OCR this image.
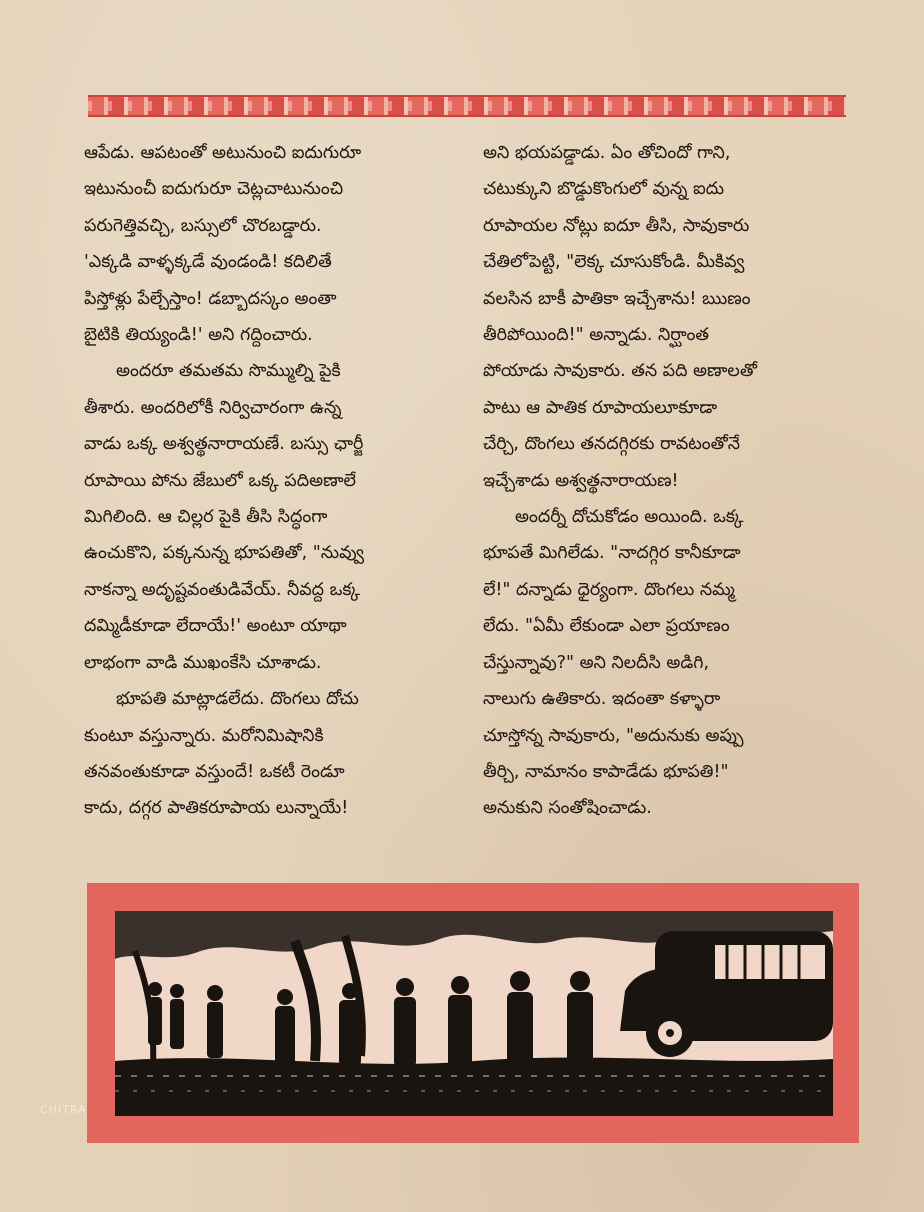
ఆపేడు. ఆపటంతో అటునుంచి ఐదుగురూ
ఇటునుంచీ ఐదుగురూ చెట్లచాటునుంచి
పరుగెత్తివచ్చి, బస్సులో చొరబడ్డారు.
'ఎక్కడి వాళ్ళక్కడే వుండండి! కదిలితే
పిస్తోళ్లు పేల్చేస్తాం! డబ్బాదస్కం అంతా
బైటికి తియ్యండి!' అని గద్దించారు.
అందరూ తమతమ సొమ్ముల్ని పైకి
తీశారు. అందరిలోకీ నిర్విచారంగా ఉన్న
వాడు ఒక్క అశ్వత్థనారాయణే. బస్సు ఛార్జీ
రూపాయి పోను జేబులో ఒక్క పదిఅణాలే
మిగిలింది. ఆ చిల్లర పైకి తీసి సిద్ధంగా
ఉంచుకొని, పక్కనున్న భూపతితో, "నువ్వు
నాకన్నా అదృష్టవంతుడివేయ్. నీవద్ద ఒక్క
దమ్మిడీకూడా లేదాయే!' అంటూ యాథా
లాభంగా వాడి ముఖంకేసి చూశాడు.
భూపతి మాట్లాడలేదు. దొంగలు దోచు
కుంటూ వస్తున్నారు. మరోనిమిషానికి
తనవంతుకూడా వస్తుందే! ఒకటీ రెండూ
కాదు, దగ్గర పాతికరూపాయ లున్నాయే!
అని భయపడ్డాడు. ఏం తోచిందో గాని,
చటుక్కుని బొడ్డుకొంగులో వున్న ఐదు
రూపాయల నోట్లు ఐదూ తీసి, సావుకారు
చేతిలోపెట్టి, "లెక్క చూసుకోండి. మీకివ్వ
వలసిన బాకీ పాతికా ఇచ్చేశాను! ఋణం
తీరిపోయింది!" అన్నాడు. నిర్ఘాంత
పోయాడు సావుకారు. తన పది అణాలతో
పాటు ఆ పాతిక రూపాయలూకూడా
చేర్చి, దొంగలు తనదగ్గిరకు రావటంతోనే
ఇచ్చేశాడు అశ్వత్థనారాయణ!
అందర్నీ దోచుకోడం అయింది. ఒక్క
భూపతే మిగిలేడు. "నాదగ్గిర కానీకూడా
లే!" దన్నాడు ధైర్యంగా. దొంగలు నమ్మ
లేదు. "ఏమీ లేకుండా ఎలా ప్రయాణం
చేస్తున్నావు?" అని నిలదీసి అడిగి,
నాలుగు ఉతికారు. ఇదంతా కళ్ళారా
చూస్తోన్న సావుకారు, "అదునుకు అప్పు
తీర్చి, నామానం కాపాడేడు భూపతి!"
అనుకుని సంతోషించాడు.
CHITRA
